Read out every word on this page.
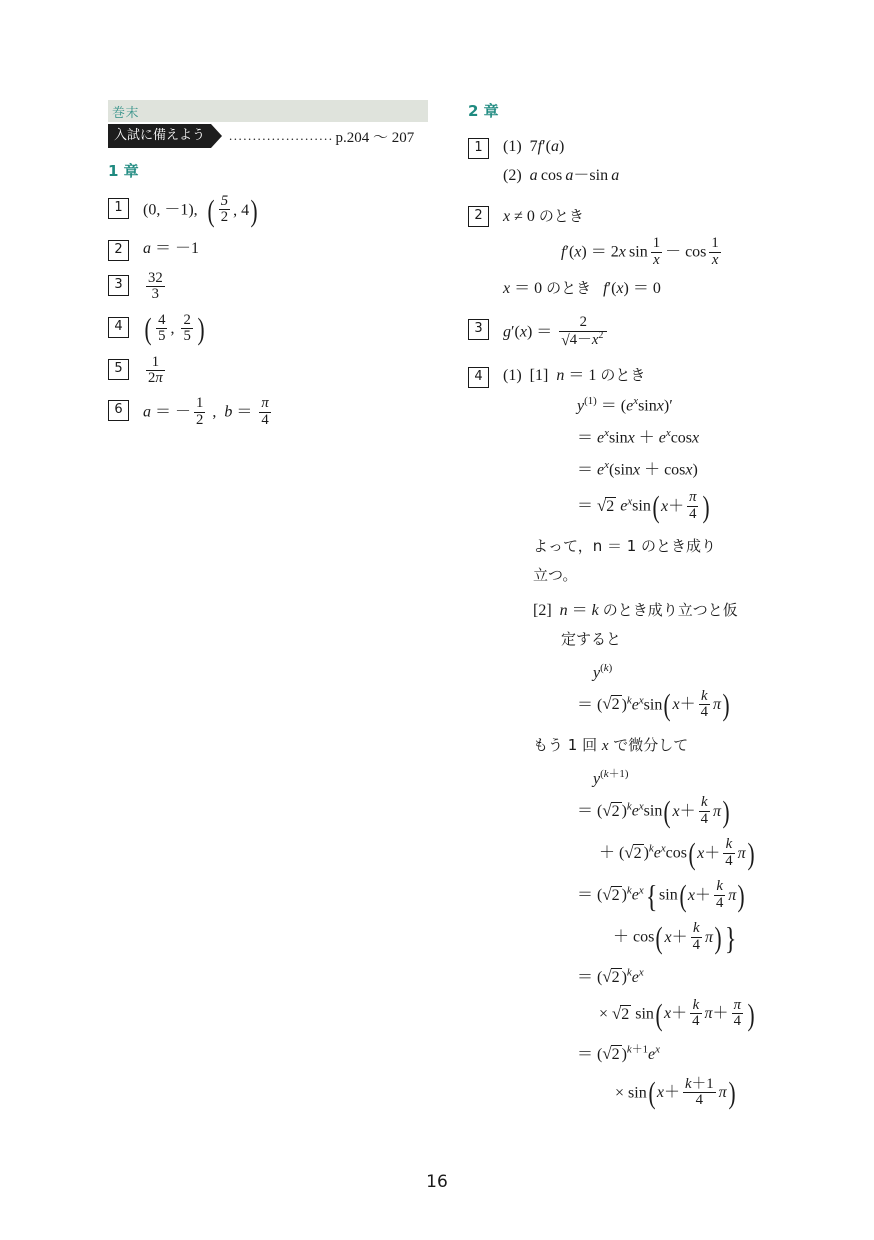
巻末
入試に備えよう	...................... p.204 ～ 207
1 章
1	(0, －1), ( $\frac{5}{2}$ , 4 )
2	a ＝ －1
3	$\frac{32}{3}$
4 ( $\frac{4}{5}$ , $\frac{2}{5}$ )
5	$\frac{1}{2\pi}$
6	a ＝ － $\frac{1}{2}$ ,  $b = \frac{\pi}{4}$
2 章
1	(1) 7f′(a)
(2) a cos a－sin a
2	x ≠ 0 のとき
f′(x) ＝ 2x $\sin \frac{1}{x} - \cos \frac{1}{x}$
x ＝ 0 のとき f′(x) ＝ 0
3	$g'(x) = \frac{2}{√4-x^2}$
4	(1) [1] n ＝ 1 のとき
$y^{(1)} = (e^x\sin x)'$
＝ $e^x\sin x + e^x\cos x$
＝ $e^x(\sin x + \cos x)$
＝ √2 $e^x\sin$ ( $x + \frac{\pi}{4}$ )
よって，n ＝ 1 のとき成り
立つ。
[2] n ＝ k のとき成り立つと仮
定すると
$y^{(k)}$
＝ (√2 )$^ke^x\sin$ ( $x + \frac{k}{4}$ π )
もう 1 回 x で微分して
$y^{(k+1)}$
＝ (√2 )$^ke^x\sin$ ( $x + \frac{k}{4}$ π )
＋ (√2 )$^ke^x\cos$ ( $x + \frac{k}{4}$ π )
＝ (√2 )$^ke^x$ { sin ( $x + \frac{k}{4}$ π )
＋ cos ( $x + \frac{k}{4}$ π ) }
＝ (√2 )$^ke^x$
× √2 sin ( $x + \frac{k}{4}$ $\pi + \frac{\pi}{4}$ )
＝ (√2 )$^{k+1}e^x$
× sin ( $x + \frac{k+1}{4}$ π )
16
